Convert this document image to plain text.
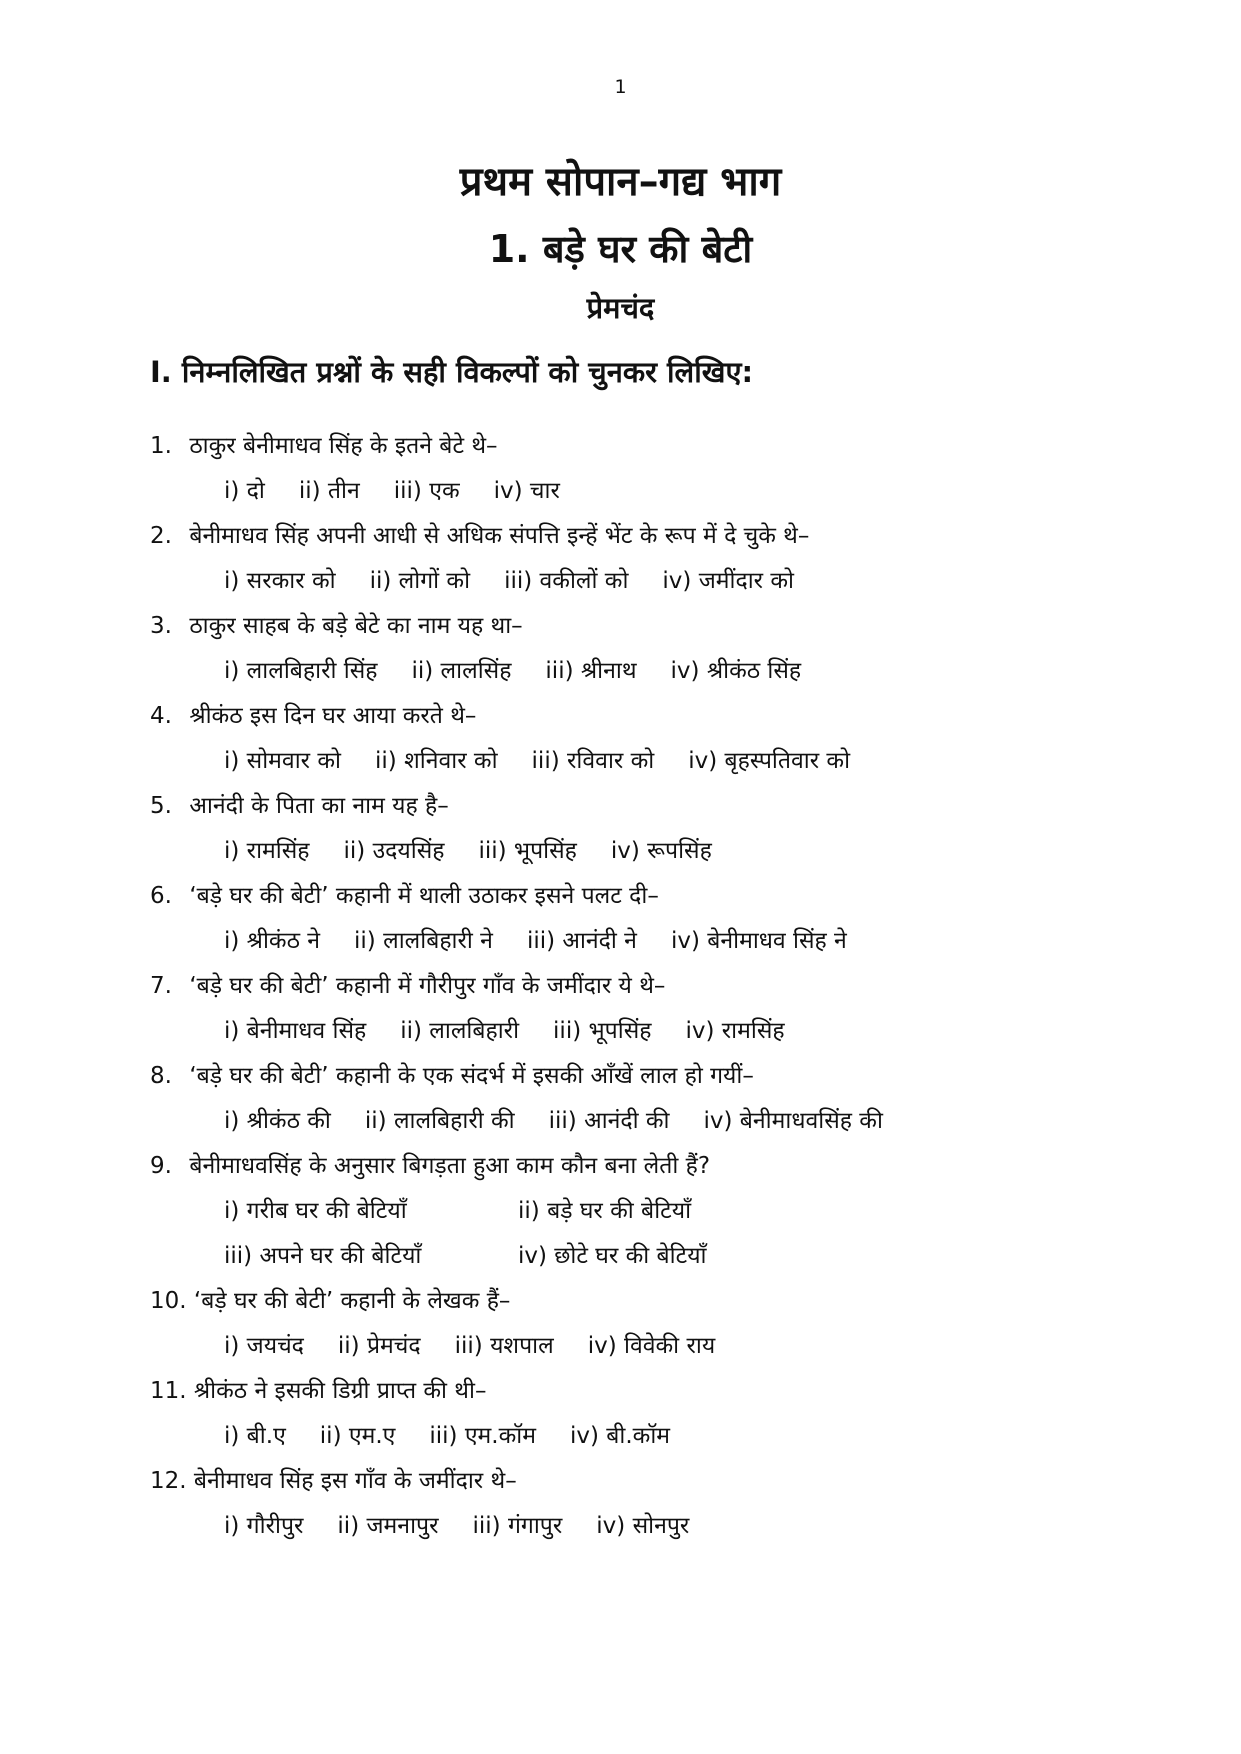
1
प्रथम सोपान–गद्य भाग
1. बड़े घर की बेटी
प्रेमचंद
I. निम्नलिखित प्रश्नों के सही विकल्पों को चुनकर लिखिए:
1. ठाकुर बेनीमाधव सिंह के इतने बेटे थे–
i) दो ii) तीन iii) एक iv) चार
2. बेनीमाधव सिंह अपनी आधी से अधिक संपत्ति इन्हें भेंट के रूप में दे चुके थे–
i) सरकार को ii) लोगों को iii) वकीलों को iv) जमींदार को
3. ठाकुर साहब के बड़े बेटे का नाम यह था–
i) लालबिहारी सिंह ii) लालसिंह iii) श्रीनाथ iv) श्रीकंठ सिंह
4. श्रीकंठ इस दिन घर आया करते थे–
i) सोमवार को ii) शनिवार को iii) रविवार को iv) बृहस्पतिवार को
5. आनंदी के पिता का नाम यह है–
i) रामसिंह ii) उदयसिंह iii) भूपसिंह iv) रूपसिंह
6. ‘बड़े घर की बेटी’ कहानी में थाली उठाकर इसने पलट दी–
i) श्रीकंठ ने ii) लालबिहारी ने iii) आनंदी ने iv) बेनीमाधव सिंह ने
7. ‘बड़े घर की बेटी’ कहानी में गौरीपुर गाँव के जमींदार ये थे–
i) बेनीमाधव सिंह ii) लालबिहारी iii) भूपसिंह iv) रामसिंह
8. ‘बड़े घर की बेटी’ कहानी के एक संदर्भ में इसकी आँखें लाल हो गयीं–
i) श्रीकंठ की ii) लालबिहारी की iii) आनंदी की iv) बेनीमाधवसिंह की
9. बेनीमाधवसिंह के अनुसार बिगड़ता हुआ काम कौन बना लेती हैं?
i) गरीब घर की बेटियाँ	ii) बड़े घर की बेटियाँ
iii) अपने घर की बेटियाँ	iv) छोटे घर की बेटियाँ
10. ‘बड़े घर की बेटी’ कहानी के लेखक हैं–
i) जयचंद ii) प्रेमचंद iii) यशपाल iv) विवेकी राय
11. श्रीकंठ ने इसकी डिग्री प्राप्त की थी–
i) बी.ए ii) एम.ए iii) एम.कॉम iv) बी.कॉम
12. बेनीमाधव सिंह इस गाँव के जमींदार थे–
i) गौरीपुर ii) जमनापुर iii) गंगापुर iv) सोनपुर
